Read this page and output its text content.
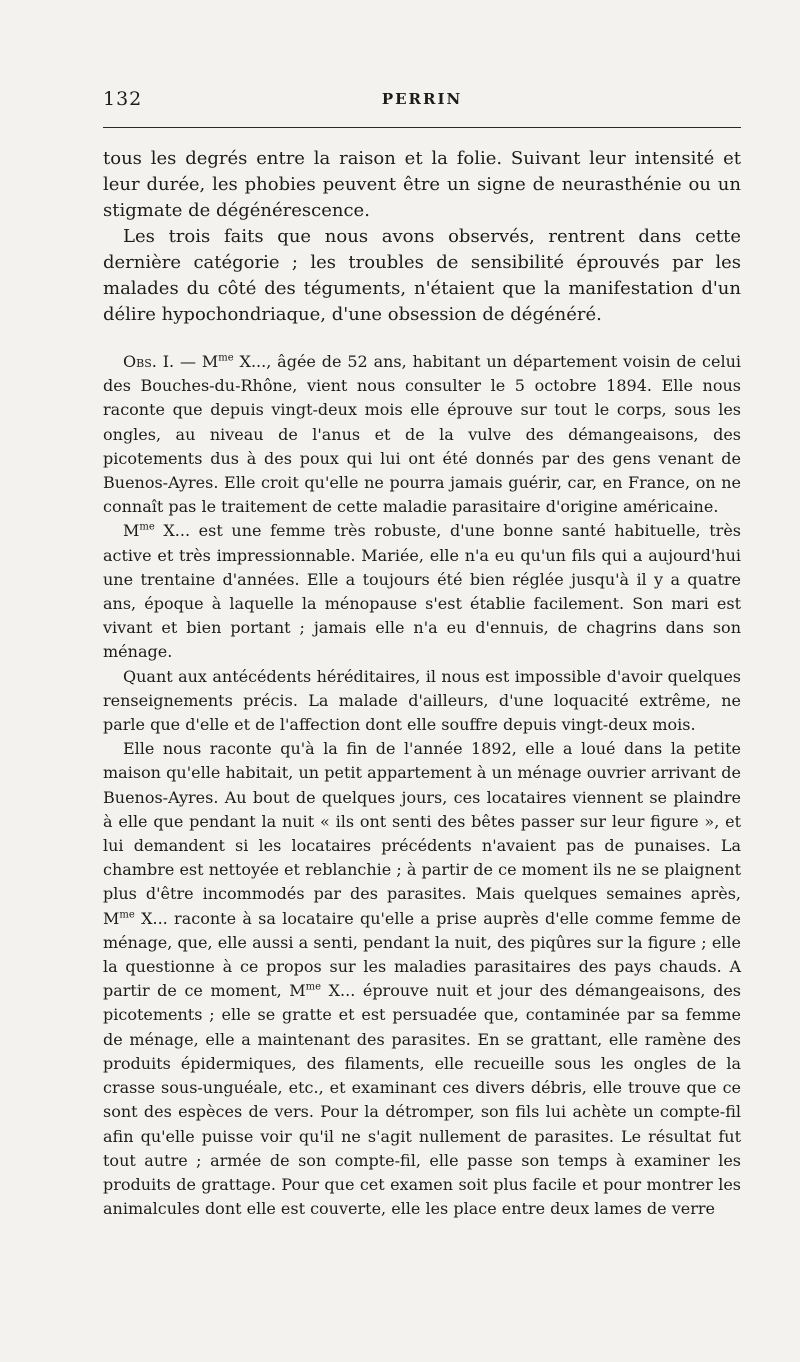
132	PERRIN

tous les degrés entre la raison et la folie. Suivant leur intensité et leur durée, les phobies peuvent être un signe de neurasthénie ou un stigmate de dégénérescence.

Les trois faits que nous avons observés, rentrent dans cette dernière catégorie ; les troubles de sensibilité éprouvés par les malades du côté des téguments, n'étaient que la manifestation d'un délire hypochondriaque, d'une obsession de dégénéré.

Obs. I. — $M^{me}$ X..., âgée de 52 ans, habitant un département voisin de celui des Bouches-du-Rhône, vient nous consulter le 5 octobre 1894. Elle nous raconte que depuis vingt-deux mois elle éprouve sur tout le corps, sous les ongles, au niveau de l'anus et de la vulve des démangeaisons, des picotements dus à des poux qui lui ont été donnés par des gens venant de Buenos-Ayres. Elle croit qu'elle ne pourra jamais guérir, car, en France, on ne connaît pas le traitement de cette maladie parasitaire d'origine américaine.

$M^{me}$ X... est une femme très robuste, d'une bonne santé habituelle, très active et très impressionnable. Mariée, elle n'a eu qu'un fils qui a aujourd'hui une trentaine d'années. Elle a toujours été bien réglée jusqu'à il y a quatre ans, époque à laquelle la ménopause s'est établie facilement. Son mari est vivant et bien portant ; jamais elle n'a eu d'ennuis, de chagrins dans son ménage.

Quant aux antécédents héréditaires, il nous est impossible d'avoir quelques renseignements précis. La malade d'ailleurs, d'une loquacité extrême, ne parle que d'elle et de l'affection dont elle souffre depuis vingt-deux mois.

Elle nous raconte qu'à la fin de l'année 1892, elle a loué dans la petite maison qu'elle habitait, un petit appartement à un ménage ouvrier arrivant de Buenos-Ayres. Au bout de quelques jours, ces locataires viennent se plaindre à elle que pendant la nuit « ils ont senti des bêtes passer sur leur figure », et lui demandent si les locataires précédents n'avaient pas de punaises. La chambre est nettoyée et reblanchie ; à partir de ce moment ils ne se plaignent plus d'être incommodés par des parasites. Mais quelques semaines après, $M^{me}$ X... raconte à sa locataire qu'elle a prise auprès d'elle comme femme de ménage, que, elle aussi a senti, pendant la nuit, des piqûres sur la figure ; elle la questionne à ce propos sur les maladies parasitaires des pays chauds. A partir de ce moment, $M^{me}$ X... éprouve nuit et jour des démangeaisons, des picotements ; elle se gratte et est persuadée que, contaminée par sa femme de ménage, elle a maintenant des parasites. En se grattant, elle ramène des produits épidermiques, des filaments, elle recueille sous les ongles de la crasse sous-unguéale, etc., et examinant ces divers débris, elle trouve que ce sont des espèces de vers. Pour la détromper, son fils lui achète un compte-fil afin qu'elle puisse voir qu'il ne s'agit nullement de parasites. Le résultat fut tout autre ; armée de son compte-fil, elle passe son temps à examiner les produits de grattage. Pour que cet examen soit plus facile et pour montrer les animalcules dont elle est couverte, elle les place entre deux lames de verre
